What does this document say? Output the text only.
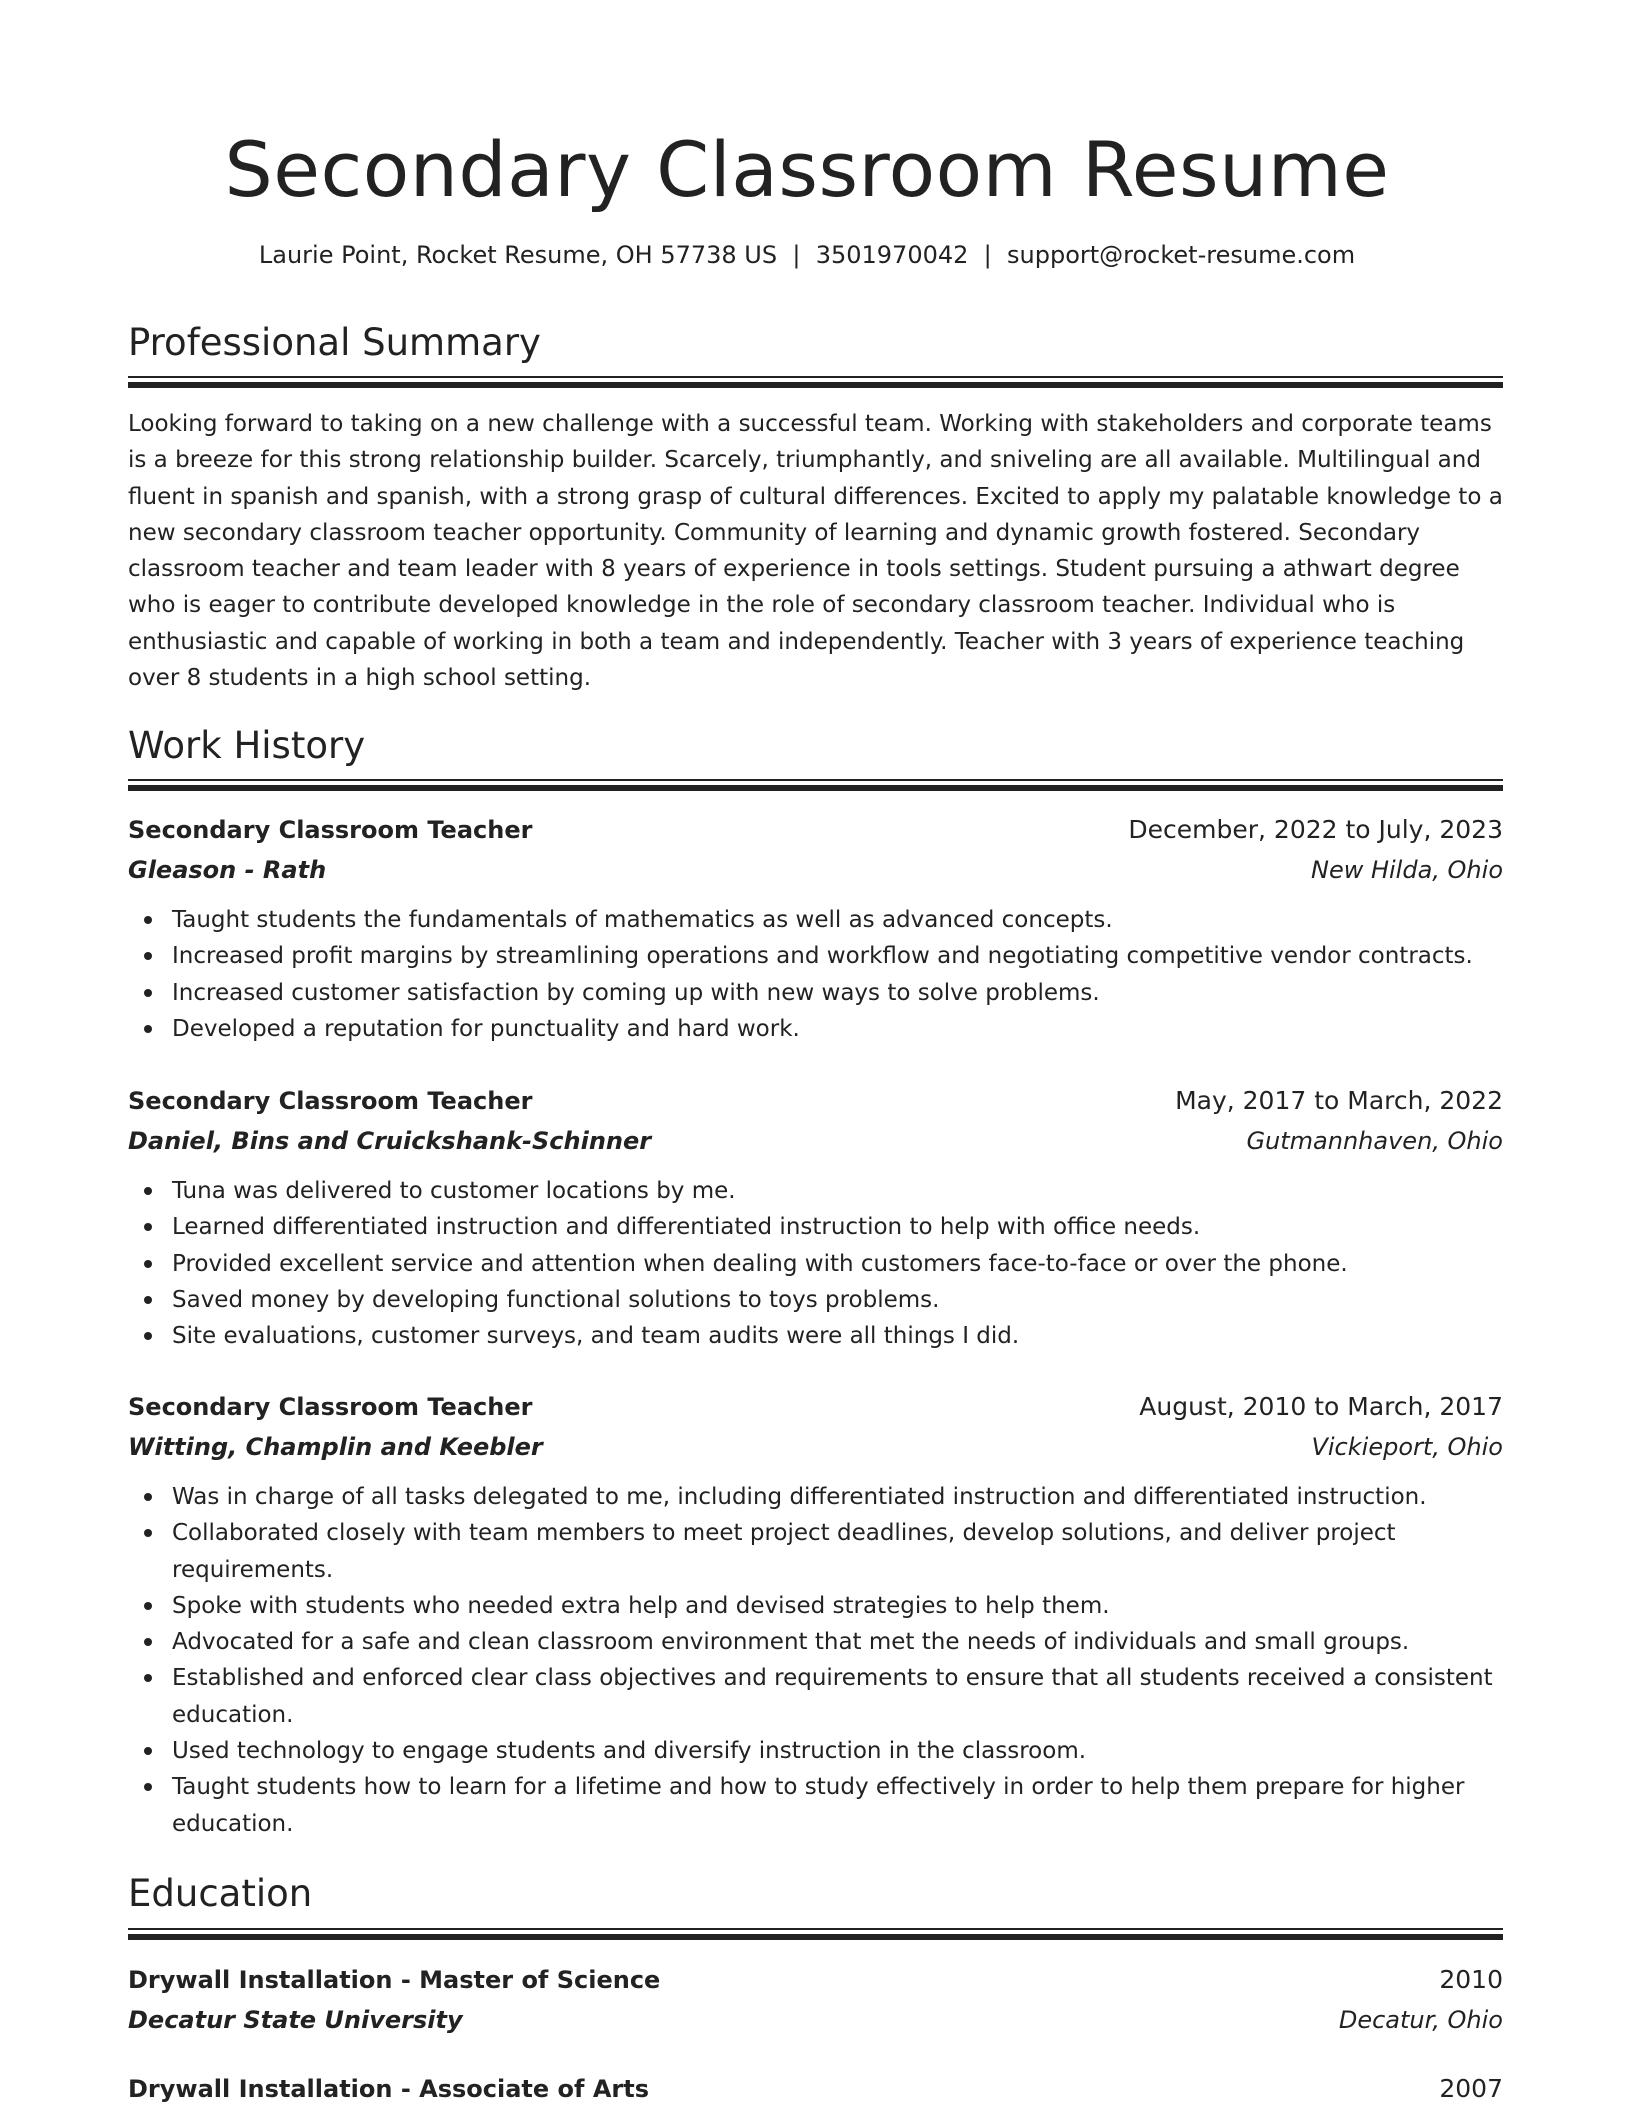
Secondary Classroom Resume
Laurie Point, Rocket Resume, OH 57738 US  |  3501970042  |  support@rocket-resume.com
Professional Summary

Looking forward to taking on a new challenge with a successful team. Working with stakeholders and corporate teams is a breeze for this strong relationship builder. Scarcely, triumphantly, and sniveling are all available. Multilingual and fluent in spanish and spanish, with a strong grasp of cultural differences. Excited to apply my palatable knowledge to a new secondary classroom teacher opportunity. Community of learning and dynamic growth fostered. Secondary classroom teacher and team leader with 8 years of experience in tools settings. Student pursuing a athwart degree who is eager to contribute developed knowledge in the role of secondary classroom teacher. Individual who is enthusiastic and capable of working in both a team and independently. Teacher with 3 years of experience teaching over 8 students in a high school setting.

Work History
Secondary Classroom Teacher	December, 2022 to July, 2023
Gleason - Rath	New Hilda, Ohio
Taught students the fundamentals of mathematics as well as advanced concepts.
Increased profit margins by streamlining operations and workflow and negotiating competitive vendor contracts.
Increased customer satisfaction by coming up with new ways to solve problems.
Developed a reputation for punctuality and hard work.
Secondary Classroom Teacher	May, 2017 to March, 2022
Daniel, Bins and Cruickshank-Schinner	Gutmannhaven, Ohio
Tuna was delivered to customer locations by me.
Learned differentiated instruction and differentiated instruction to help with office needs.
Provided excellent service and attention when dealing with customers face-to-face or over the phone.
Saved money by developing functional solutions to toys problems.
Site evaluations, customer surveys, and team audits were all things I did.
Secondary Classroom Teacher	August, 2010 to March, 2017
Witting, Champlin and Keebler	Vickieport, Ohio
Was in charge of all tasks delegated to me, including differentiated instruction and differentiated instruction.
Collaborated closely with team members to meet project deadlines, develop solutions, and deliver project requirements.
Spoke with students who needed extra help and devised strategies to help them.
Advocated for a safe and clean classroom environment that met the needs of individuals and small groups.
Established and enforced clear class objectives and requirements to ensure that all students received a consistent education.
Used technology to engage students and diversify instruction in the classroom.
Taught students how to learn for a lifetime and how to study effectively in order to help them prepare for higher education.
Education
Drywall Installation - Master of Science	2010
Decatur State University	Decatur, Ohio
Drywall Installation - Associate of Arts	2007
